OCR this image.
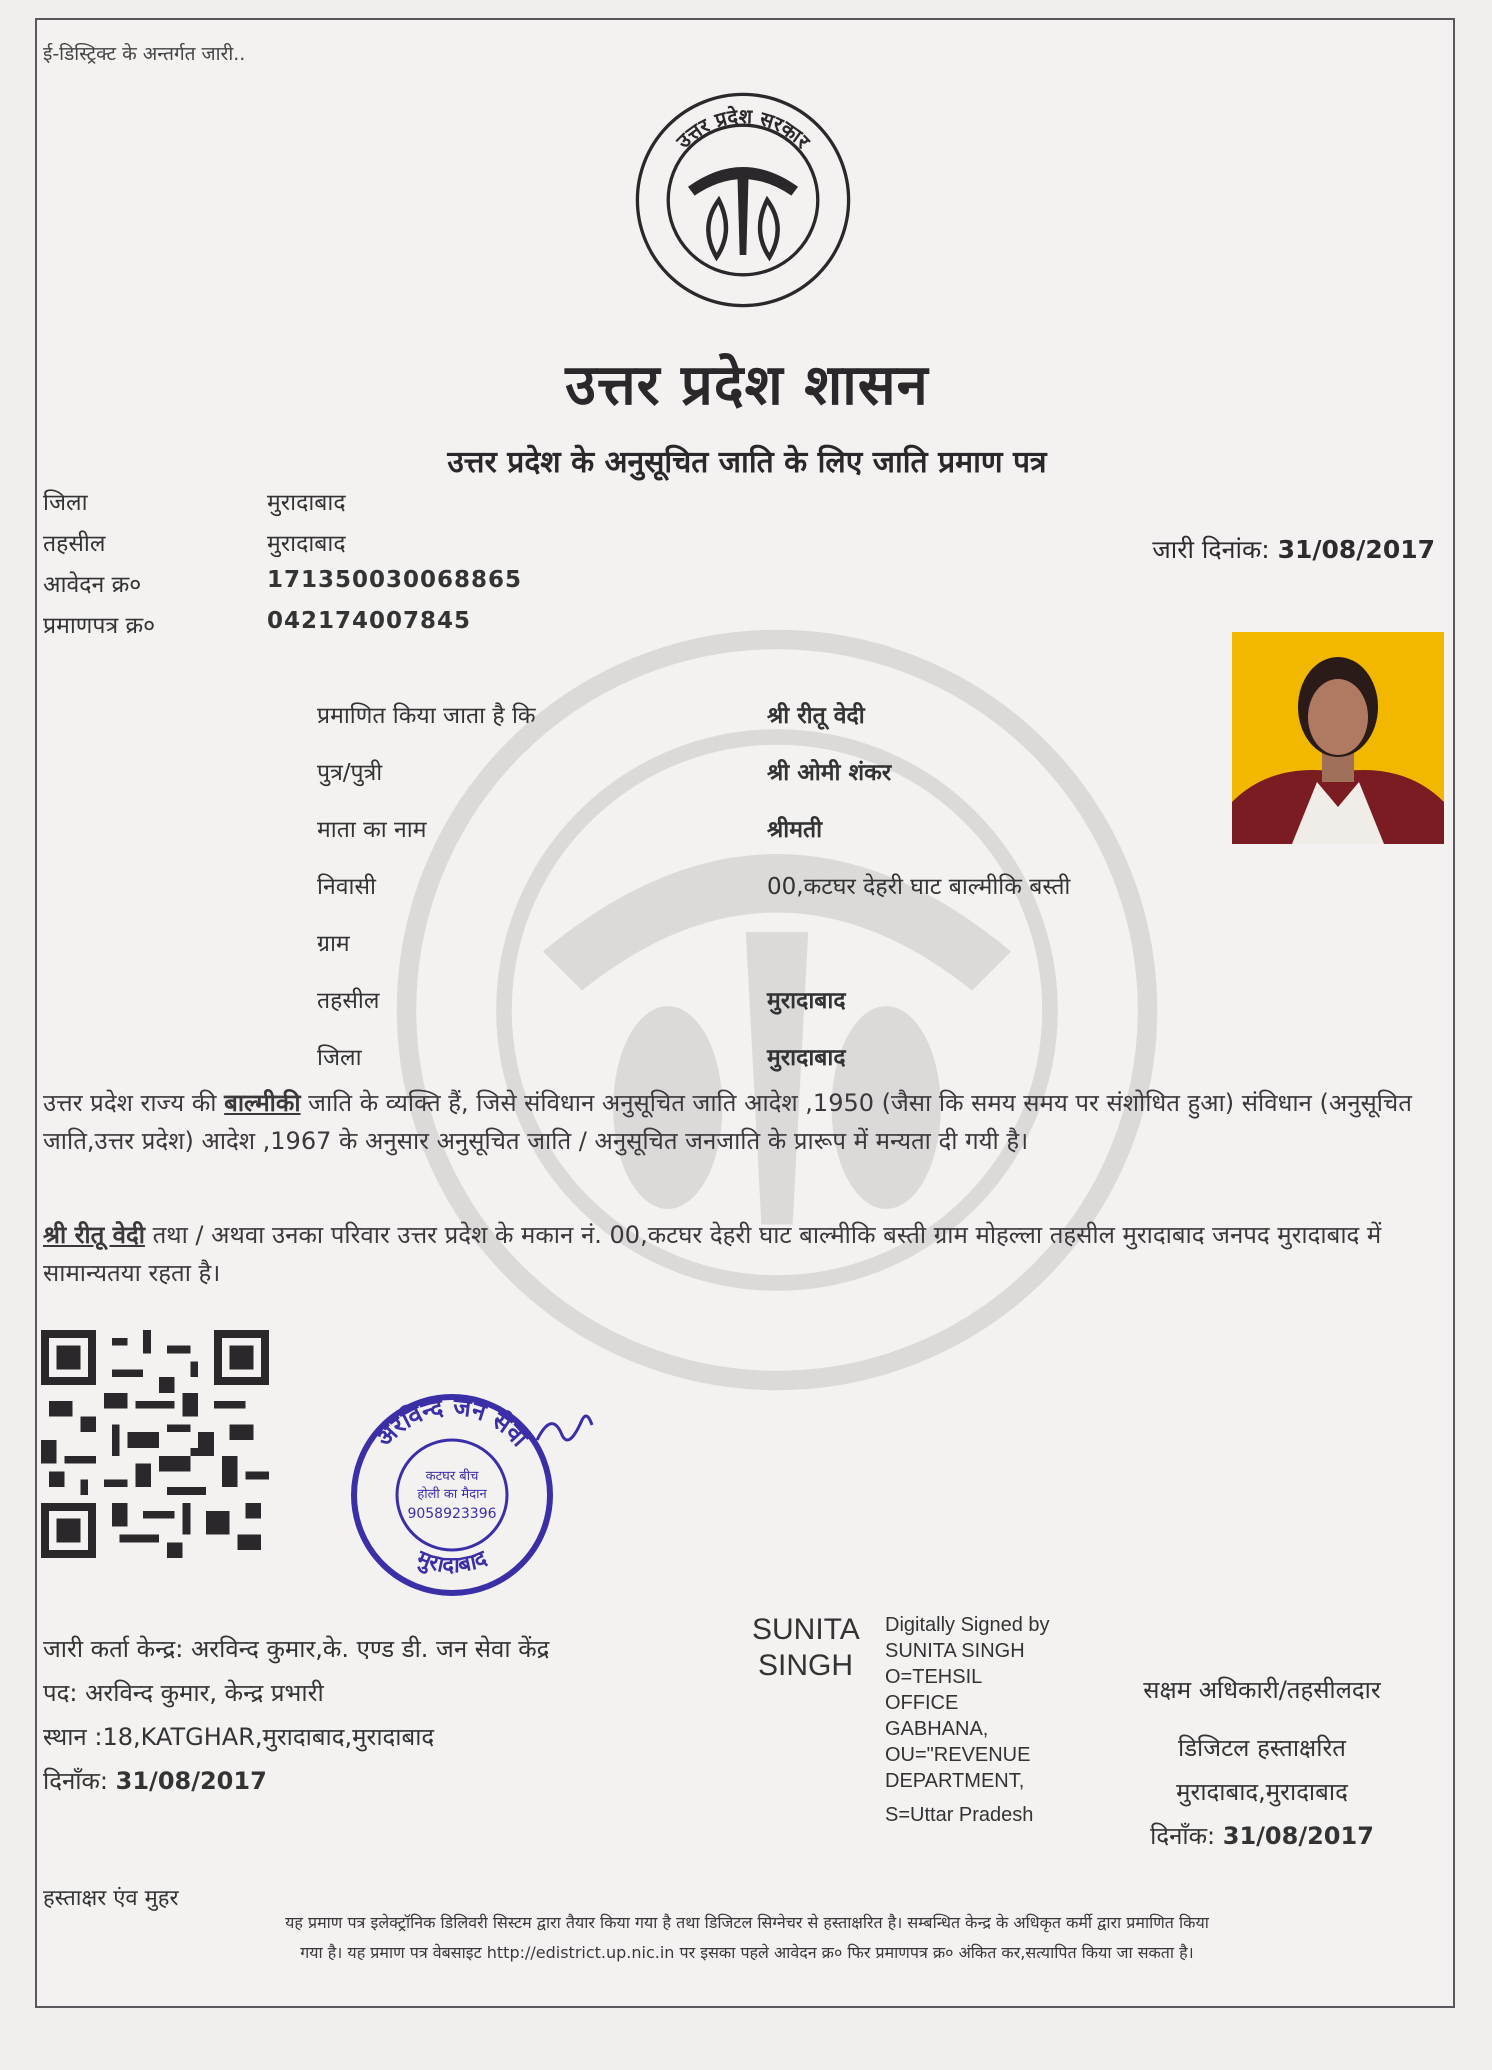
ई-डिस्ट्रिक्ट के अन्तर्गत जारी..
उत्तर प्रदेश सरकार
उत्तर प्रदेश शासन
उत्तर प्रदेश के अनुसूचित जाति के लिए जाति प्रमाण पत्र
जिला	मुरादाबाद
तहसील	मुरादाबाद
आवेदन क्र०	171350030068865
प्रमाणपत्र क्र०	042174007845
जारी दिनांक: 31/08/2017
प्रमाणित किया जाता है कि	श्री रीतू वेदी
पुत्र/पुत्री	श्री ओमी शंकर
माता का नाम	श्रीमती
निवासी	00,कटघर देहरी घाट बाल्मीकि बस्ती
ग्राम
तहसील	मुरादाबाद
जिला	मुरादाबाद
उत्तर प्रदेश राज्य की बाल्मीकी जाति के व्यक्ति हैं, जिसे संविधान अनुसूचित जाति आदेश ,1950 (जैसा कि समय समय पर संशोधित हुआ) संविधान (अनुसूचित जाति,उत्तर प्रदेश) आदेश ,1967 के अनुसार अनुसूचित जाति / अनुसूचित जनजाति के प्रारूप में मन्यता दी गयी है।
श्री रीतू वेदी तथा / अथवा उनका परिवार उत्तर प्रदेश के मकान नं. 00,कटघर देहरी घाट बाल्मीकि बस्ती ग्राम मोहल्ला तहसील मुरादाबाद जनपद मुरादाबाद में सामान्यतया रहता है।
अरविन्द जन सेवा
मुरादाबाद
कटघर बीच
होली का मैदान
9058923396
जारी कर्ता केन्द्र: अरविन्द कुमार,के. एण्ड डी. जन सेवा केंद्र
पद: अरविन्द कुमार, केन्द्र प्रभारी
स्थान :18,KATGHAR,मुरादाबाद,मुरादाबाद
दिनाँक: 31/08/2017
SUNITA
SINGH
Digitally Signed by
SUNITA SINGH
O=TEHSIL
OFFICE
GABHANA,
OU="REVENUE
DEPARTMENT,
S=Uttar Pradesh
सक्षम अधिकारी/तहसीलदार
डिजिटल हस्ताक्षरित
मुरादाबाद,मुरादाबाद
दिनाँक: 31/08/2017
हस्ताक्षर एंव मुहर
यह प्रमाण पत्र इलेक्ट्रॉनिक डिलिवरी सिस्टम द्वारा तैयार किया गया है तथा डिजिटल सिग्नेचर से हस्ताक्षरित है। सम्बन्धित केन्द्र के अधिकृत कर्मी द्वारा प्रमाणित किया
गया है। यह प्रमाण पत्र वेबसाइट http://edistrict.up.nic.in पर इसका पहले आवेदन क्र० फिर प्रमाणपत्र क्र० अंकित कर,सत्यापित किया जा सकता है।
